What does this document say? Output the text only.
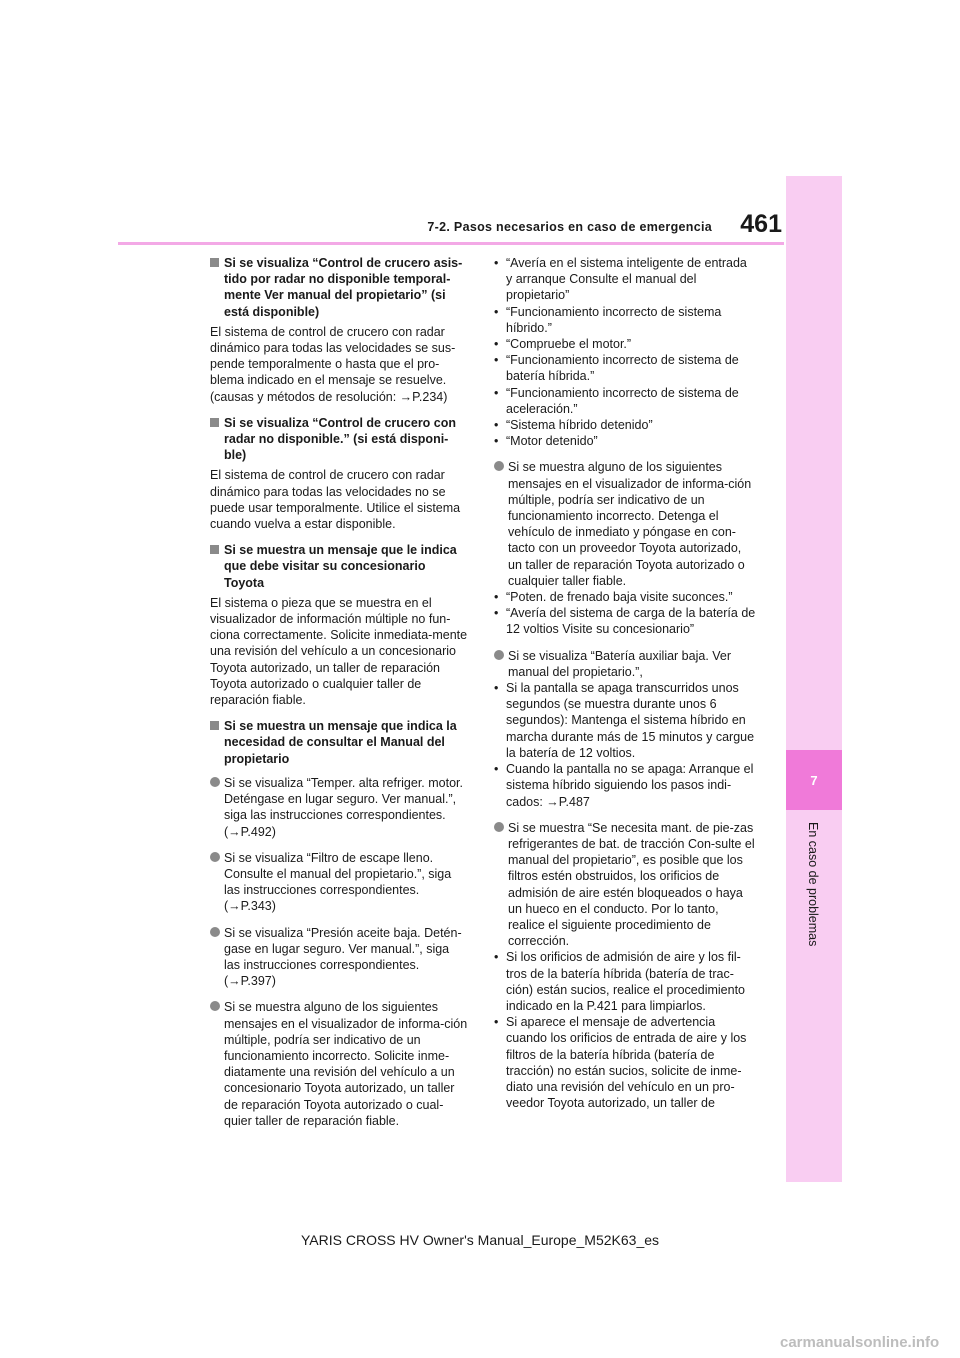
461
7-2. Pasos necesarios en caso de emergencia
7
En caso de problemas
Si se visualiza “Control de crucero asis-tido por radar no disponible temporal-mente Ver manual del propietario” (si está disponible)
El sistema de control de crucero con radar dinámico para todas las velocidades se sus-pende temporalmente o hasta que el pro-blema indicado en el mensaje se resuelve. (causas y métodos de resolución: →P.234)
Si se visualiza “Control de crucero con radar no disponible.” (si está disponi-ble)
El sistema de control de crucero con radar dinámico para todas las velocidades no se puede usar temporalmente. Utilice el sistema cuando vuelva a estar disponible.
Si se muestra un mensaje que le indica que debe visitar su concesionario Toyota
El sistema o pieza que se muestra en el visualizador de información múltiple no fun-ciona correctamente. Solicite inmediata-mente una revisión del vehículo a un concesionario Toyota autorizado, un taller de reparación Toyota autorizado o cualquier taller de reparación fiable.
Si se muestra un mensaje que indica la necesidad de consultar el Manual del propietario
Si se visualiza “Temper. alta refriger. motor. Deténgase en lugar seguro. Ver manual.”, siga las instrucciones correspondientes. (→P.492)
Si se visualiza “Filtro de escape lleno. Consulte el manual del propietario.”, siga las instrucciones correspondientes. (→P.343)
Si se visualiza “Presión aceite baja. Detén-gase en lugar seguro. Ver manual.”, siga las instrucciones correspondientes. (→P.397)
Si se muestra alguno de los siguientes mensajes en el visualizador de informa-ción múltiple, podría ser indicativo de un funcionamiento incorrecto. Solicite inme-diatamente una revisión del vehículo a un concesionario Toyota autorizado, un taller de reparación Toyota autorizado o cual-quier taller de reparación fiable.
• “Avería en el sistema inteligente de entrada y arranque Consulte el manual del propietario”
• “Funcionamiento incorrecto de sistema híbrido.”
• “Compruebe el motor.”
• “Funcionamiento incorrecto de sistema de batería híbrida.”
• “Funcionamiento incorrecto de sistema de aceleración.”
• “Sistema híbrido detenido”
• “Motor detenido”
Si se muestra alguno de los siguientes mensajes en el visualizador de informa-ción múltiple, podría ser indicativo de un funcionamiento incorrecto. Detenga el vehículo de inmediato y póngase en con-tacto con un proveedor Toyota autorizado, un taller de reparación Toyota autorizado o cualquier taller fiable.
• “Poten. de frenado baja visite suconces.”
• “Avería del sistema de carga de la batería de 12 voltios Visite su concesionario”
Si se visualiza “Batería auxiliar baja. Ver manual del propietario.”,
• Si la pantalla se apaga transcurridos unos segundos (se muestra durante unos 6 segundos): Mantenga el sistema híbrido en marcha durante más de 15 minutos y cargue la batería de 12 voltios.
• Cuando la pantalla no se apaga: Arranque el sistema híbrido siguiendo los pasos indi-cados: →P.487
Si se muestra “Se necesita mant. de pie-zas refrigerantes de bat. de tracción Con-sulte el manual del propietario”, es posible que los filtros estén obstruidos, los orificios de admisión de aire estén bloqueados o haya un hueco en el conducto. Por lo tanto, realice el siguiente procedimiento de corrección.
• Si los orificios de admisión de aire y los fil-tros de la batería híbrida (batería de trac-ción) están sucios, realice el procedimiento indicado en la P.421 para limpiarlos.
• Si aparece el mensaje de advertencia cuando los orificios de entrada de aire y los filtros de la batería híbrida (batería de tracción) no están sucios, solicite de inme-diato una revisión del vehículo en un pro-veedor Toyota autorizado, un taller de
YARIS CROSS HV Owner's Manual_Europe_M52K63_es
carmanualsonline.info
